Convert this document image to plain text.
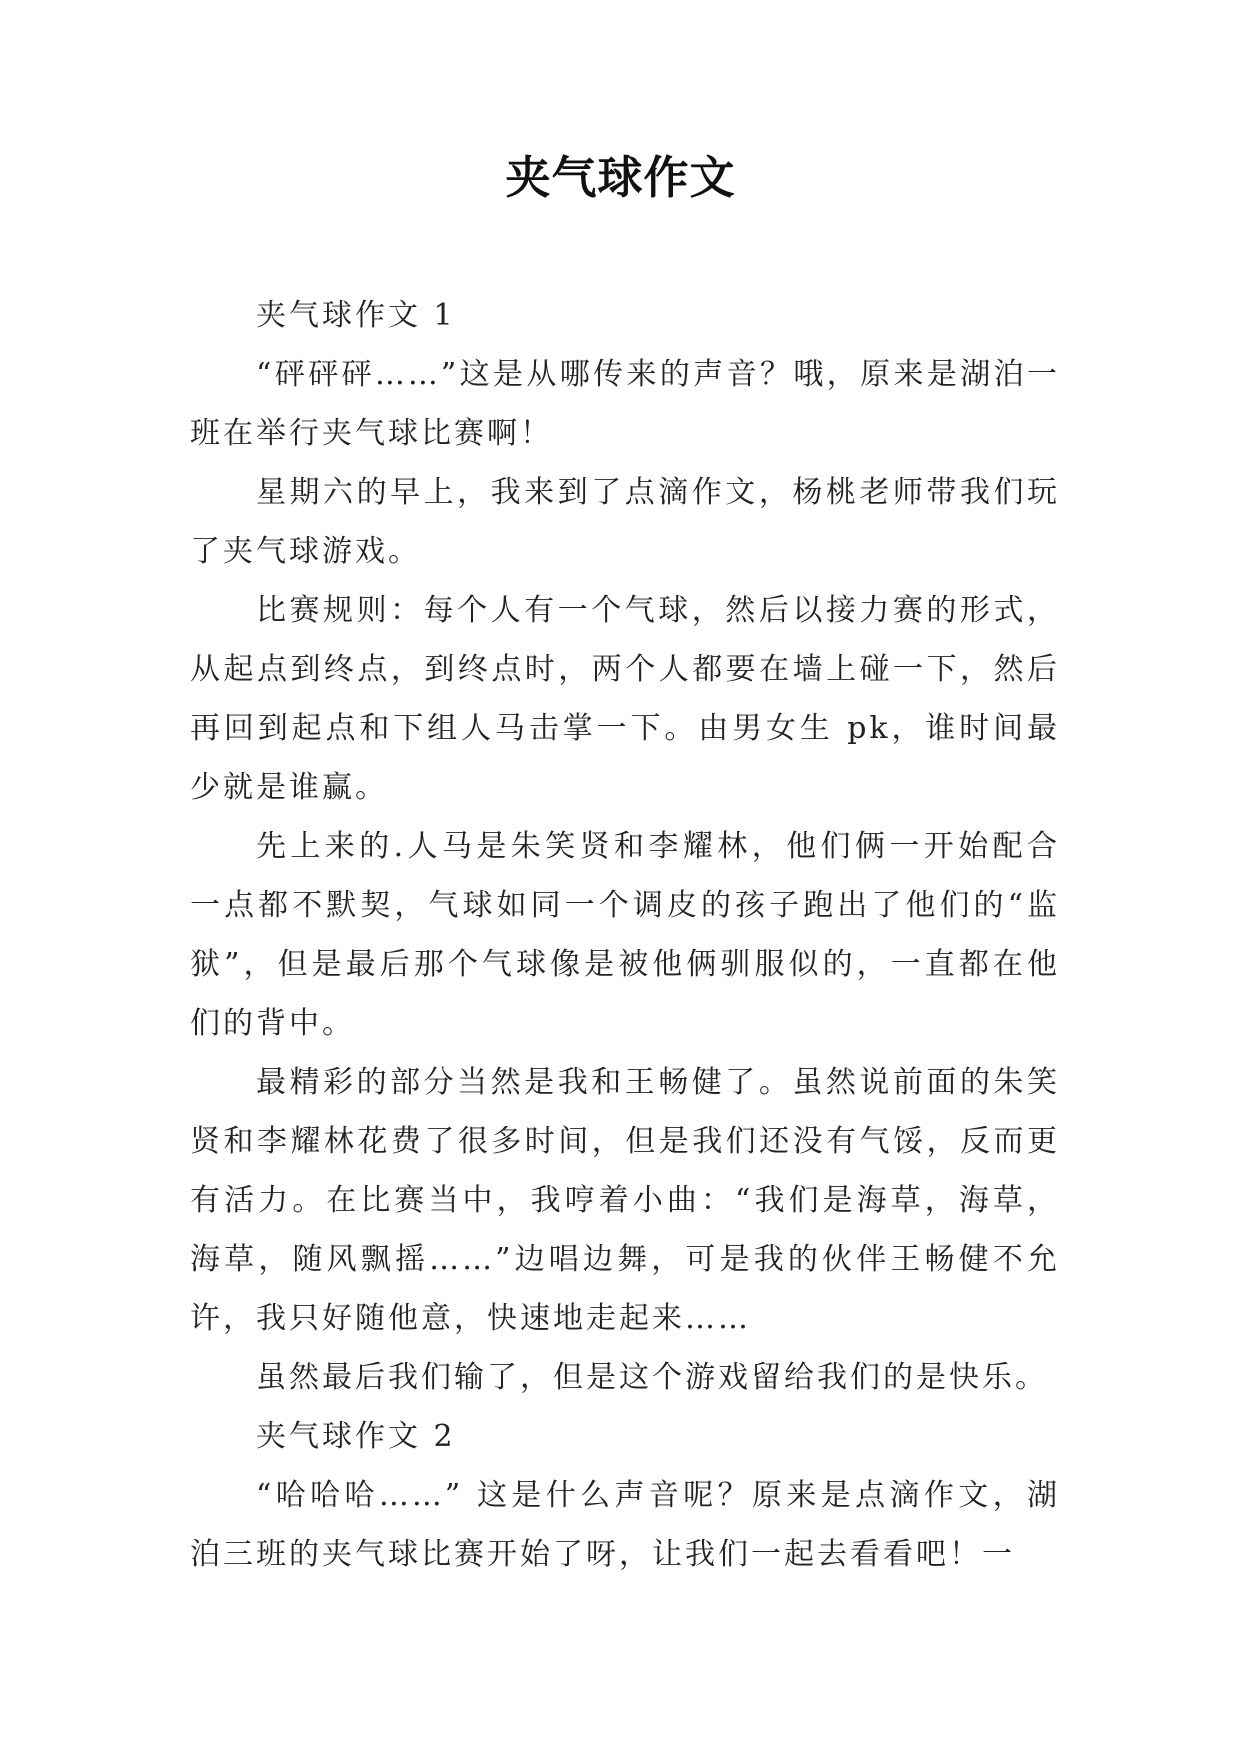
夹气球作文

夹气球作文 1

“砰砰砰……”这是从哪传来的声音？哦，原来是湖泊一班在举行夹气球比赛啊！

星期六的早上，我来到了点滴作文，杨桃老师带我们玩了夹气球游戏。

比赛规则：每个人有一个气球，然后以接力赛的形式，从起点到终点，到终点时，两个人都要在墙上碰一下，然后再回到起点和下组人马击掌一下。由男女生 pk，谁时间最少就是谁赢。

先上来的.人马是朱笑贤和李耀林，他们俩一开始配合一点都不默契，气球如同一个调皮的孩子跑出了他们的“监狱”，但是最后那个气球像是被他俩驯服似的，一直都在他们的背中。

最精彩的部分当然是我和王畅健了。虽然说前面的朱笑贤和李耀林花费了很多时间，但是我们还没有气馁，反而更有活力。在比赛当中，我哼着小曲：“我们是海草，海草，海草，随风飘摇……”边唱边舞，可是我的伙伴王畅健不允许，我只好随他意，快速地走起来……

虽然最后我们输了，但是这个游戏留给我们的是快乐。

夹气球作文 2

“哈哈哈……” 这是什么声音呢？原来是点滴作文，湖泊三班的夹气球比赛开始了呀，让我们一起去看看吧！一
